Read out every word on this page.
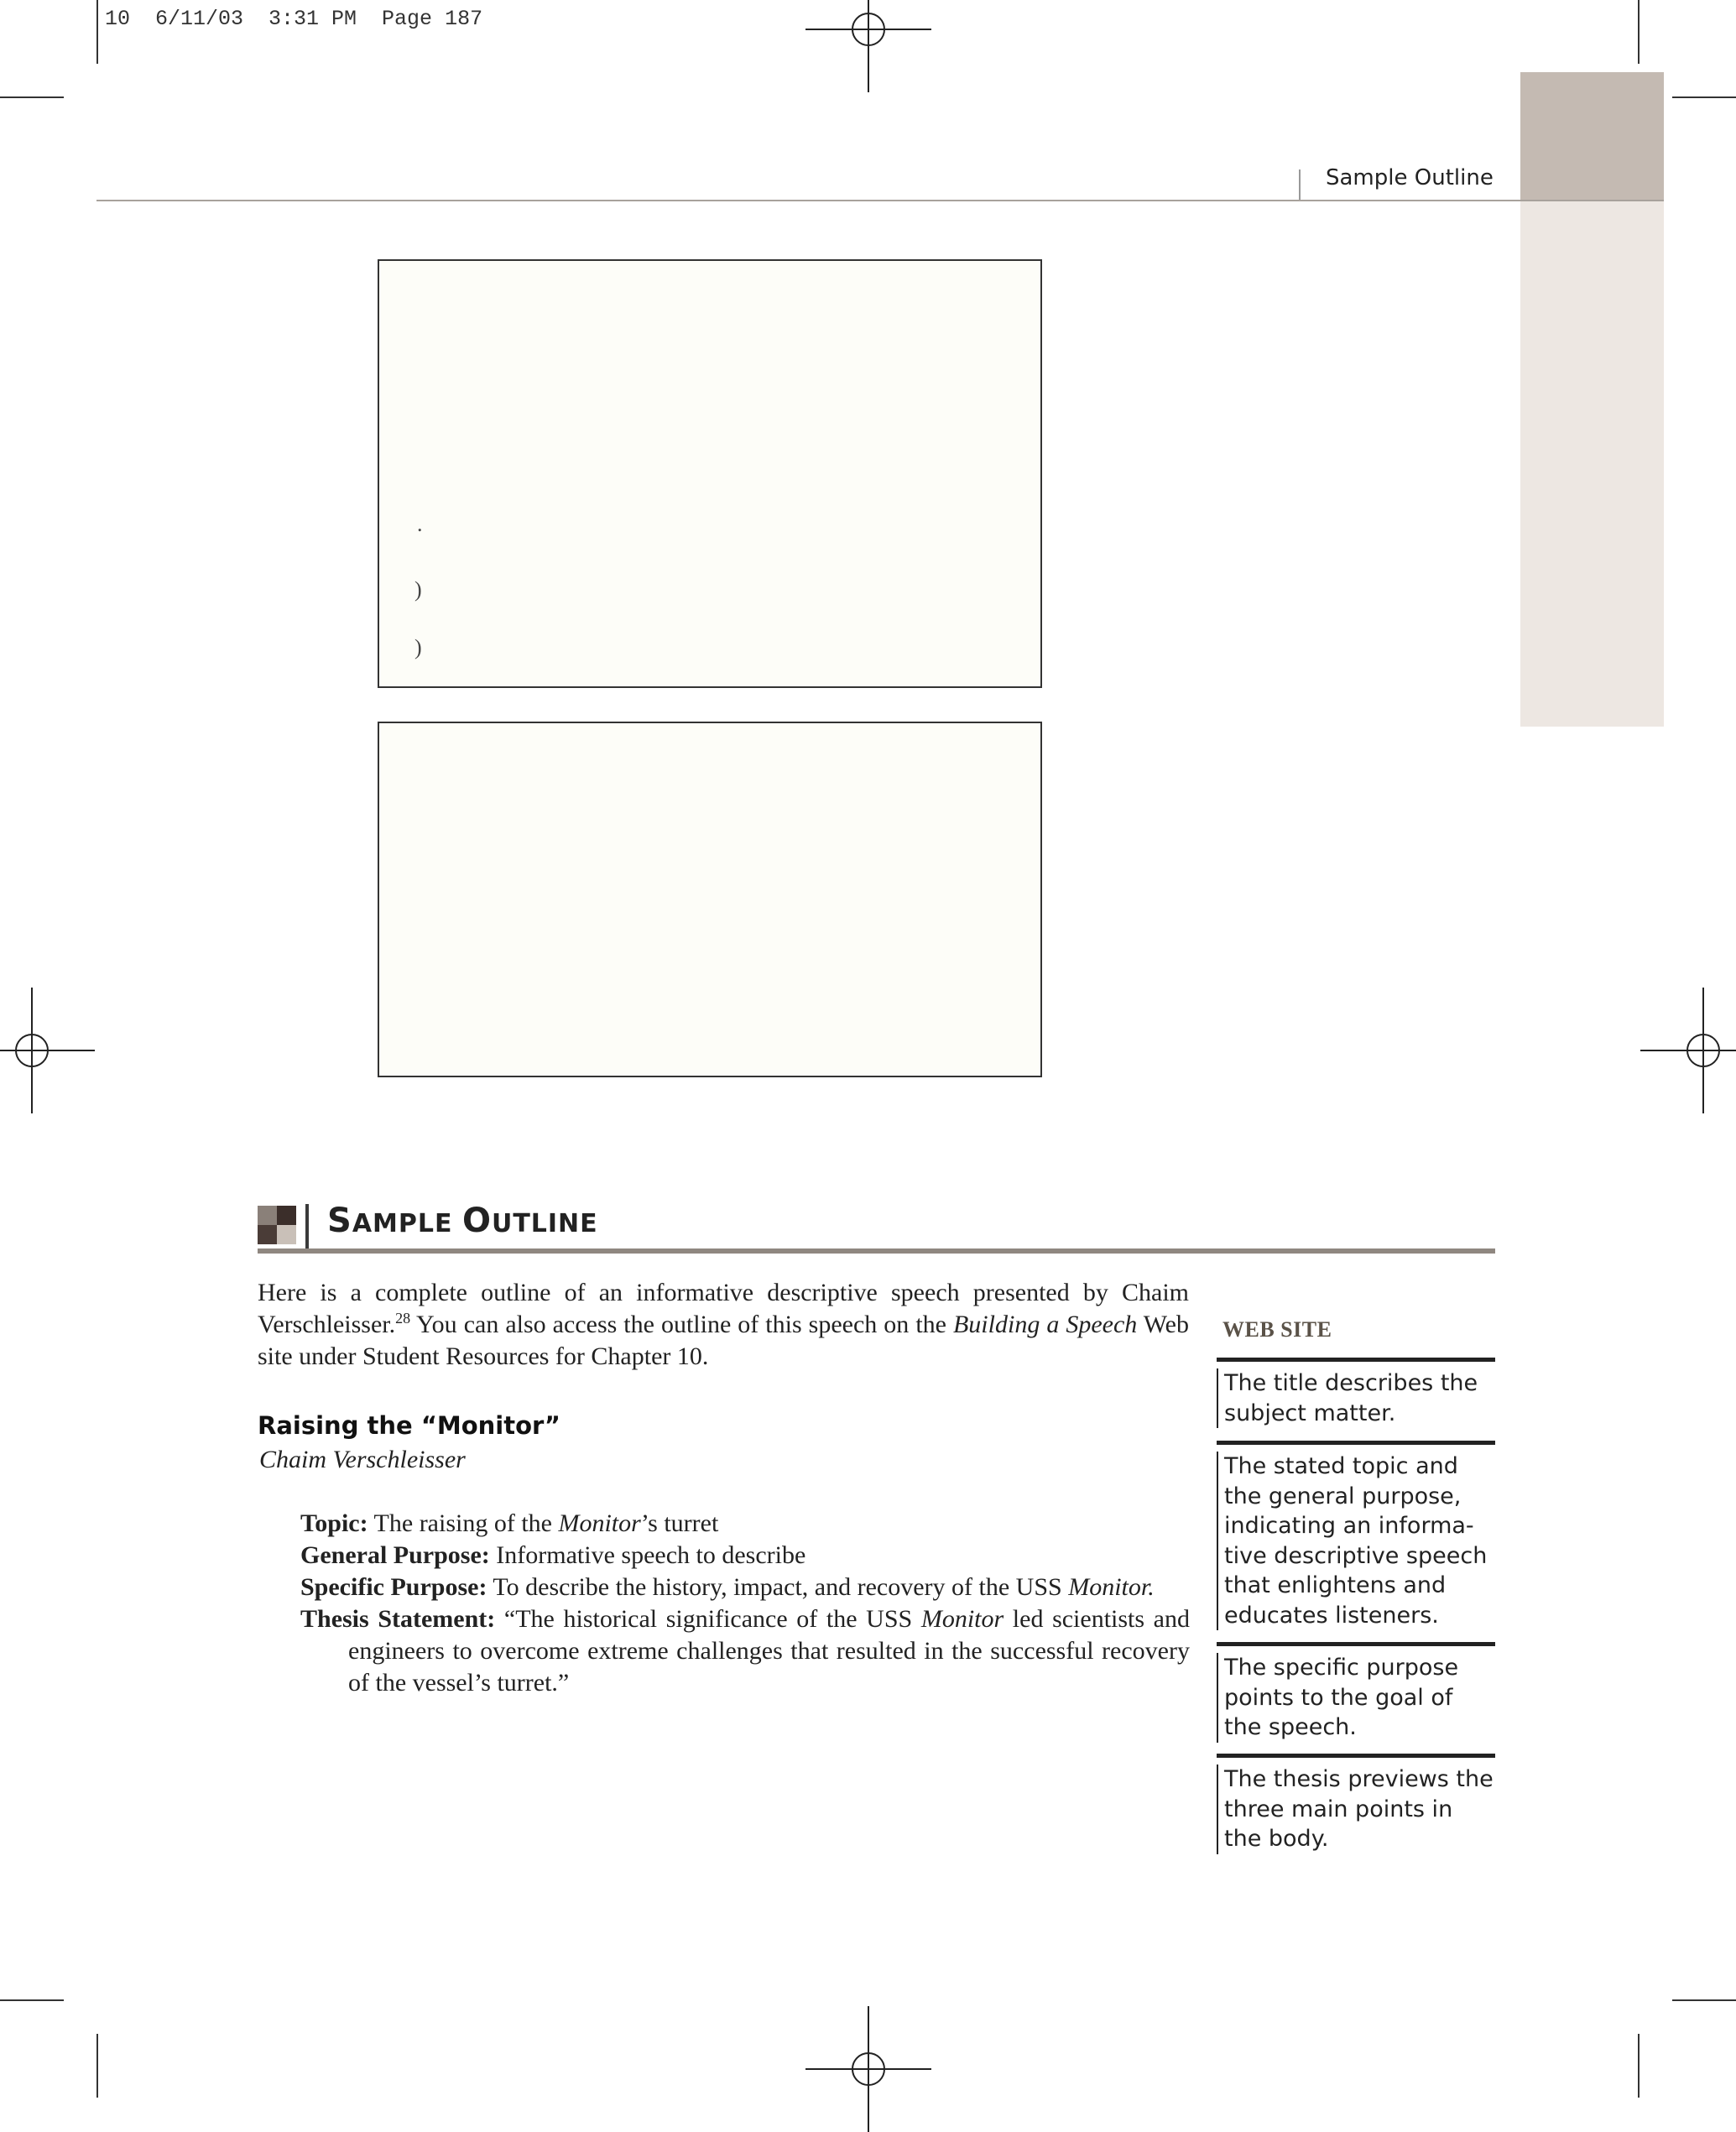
10  6/11/03  3:31 PM  Page 187
Sample Outline
.
)
)
SAMPLE OUTLINE
Here is a complete outline of an informative descriptive speech presented by Chaim Verschleisser.$^{28}$ You can also access the outline of this speech on the Building a Speech Web site under Student Resources for Chapter 10.
Raising the “Monitor”
Chaim Verschleisser
Topic: The raising of the Monitor’s turret
General Purpose: Informative speech to describe
Specific Purpose: To describe the history, impact, and recovery of the USS Monitor.
Thesis Statement: “The historical significance of the USS Monitor led scientists and engineers to overcome extreme challenges that resulted in the successful recovery of the vessel’s turret.”
WEB SITE
The title describes the subject matter.
The stated topic and the general purpose, indicating an informa-tive descriptive speech that enlightens and educates listeners.
The specific purpose points to the goal of the speech.
The thesis previews the three main points in the body.
